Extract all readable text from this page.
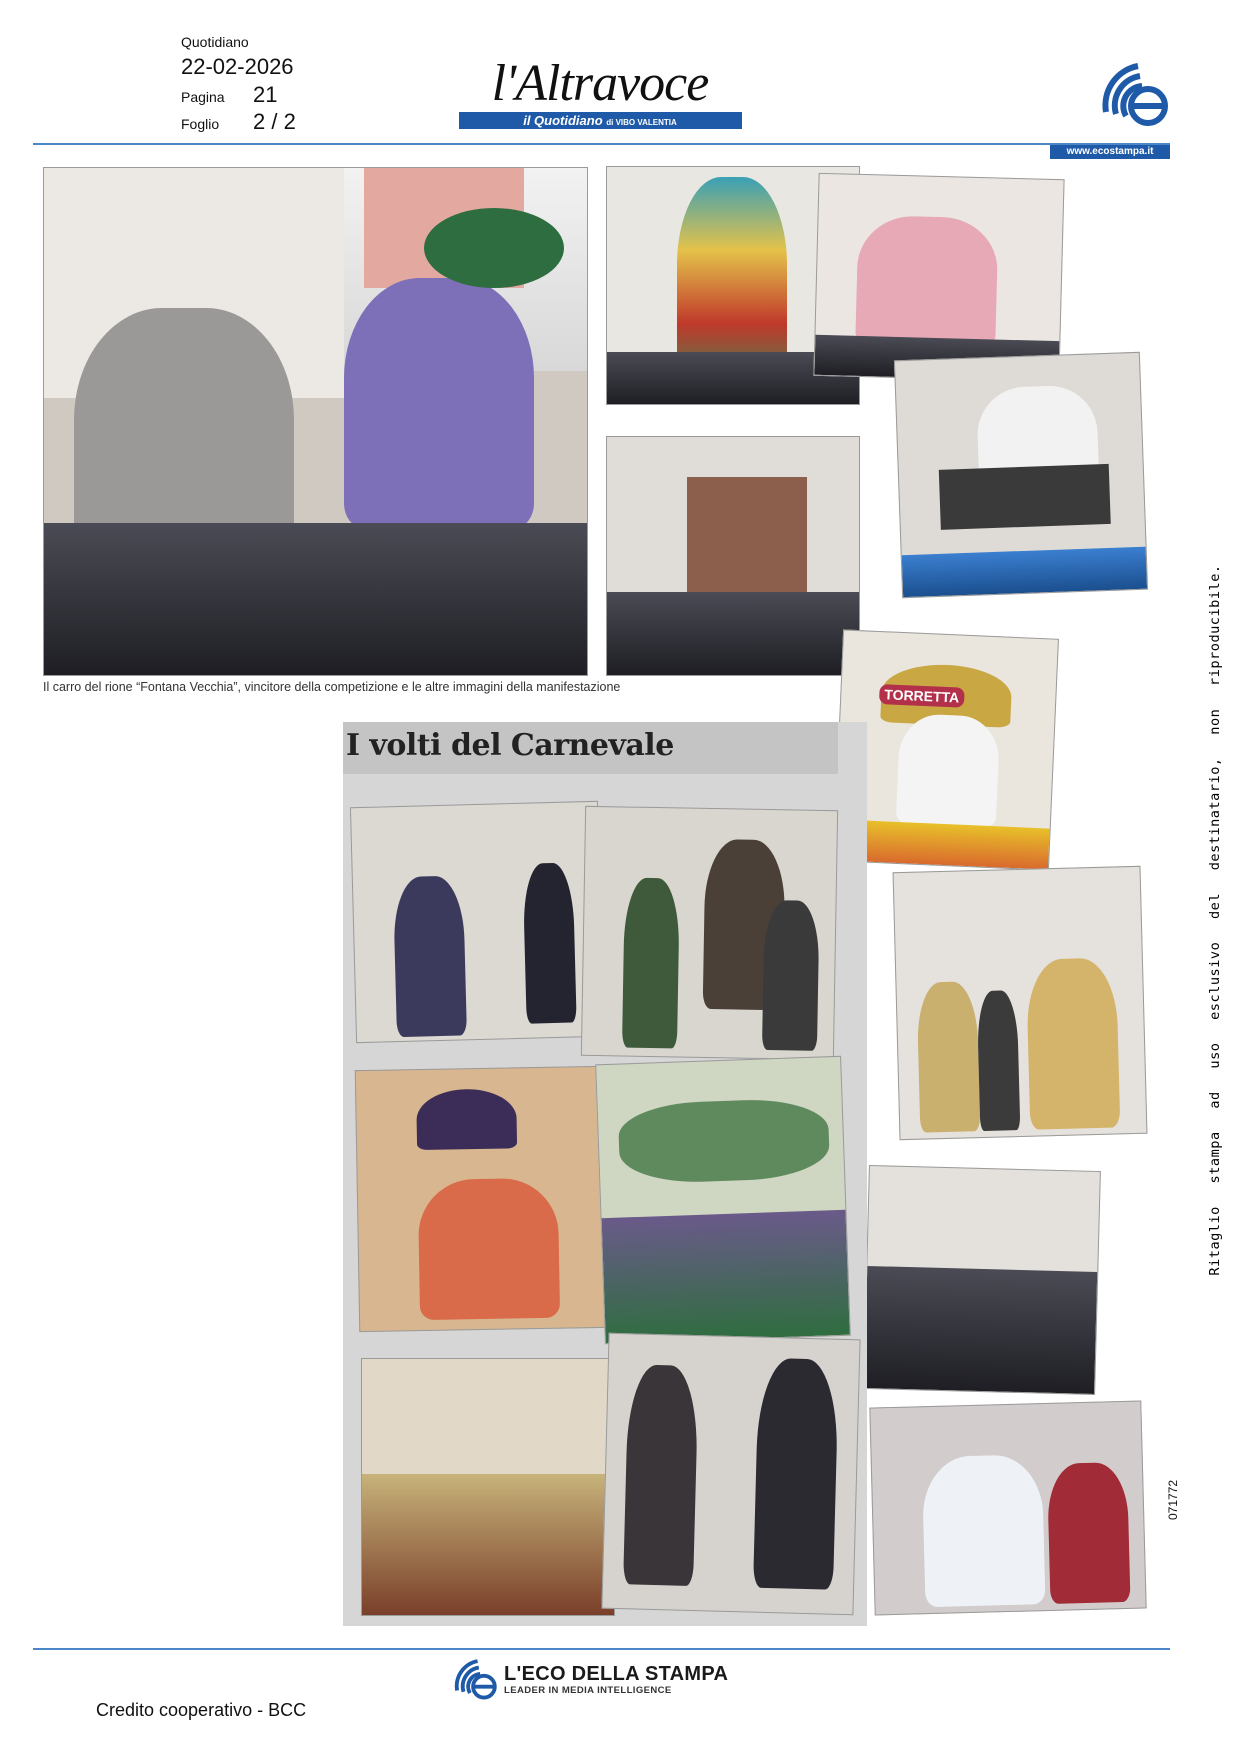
Quotidiano
22-02-2026
Pagina	21
Foglio	2 / 2
l'Altravoce
il Quotidiano di VIBO VALENTIA
www.ecostampa.it
Il carro del rione “Fontana Vecchia”, vincitore della competizione e le altre immagini della manifestazione	TORRETTA
I volti del Carnevale	Ritaglio stampa ad uso esclusivo del destinatario, non riproducibile.
071772
L'ECO DELLA STAMPA
LEADER IN MEDIA INTELLIGENCE
Credito cooperativo - BCC
